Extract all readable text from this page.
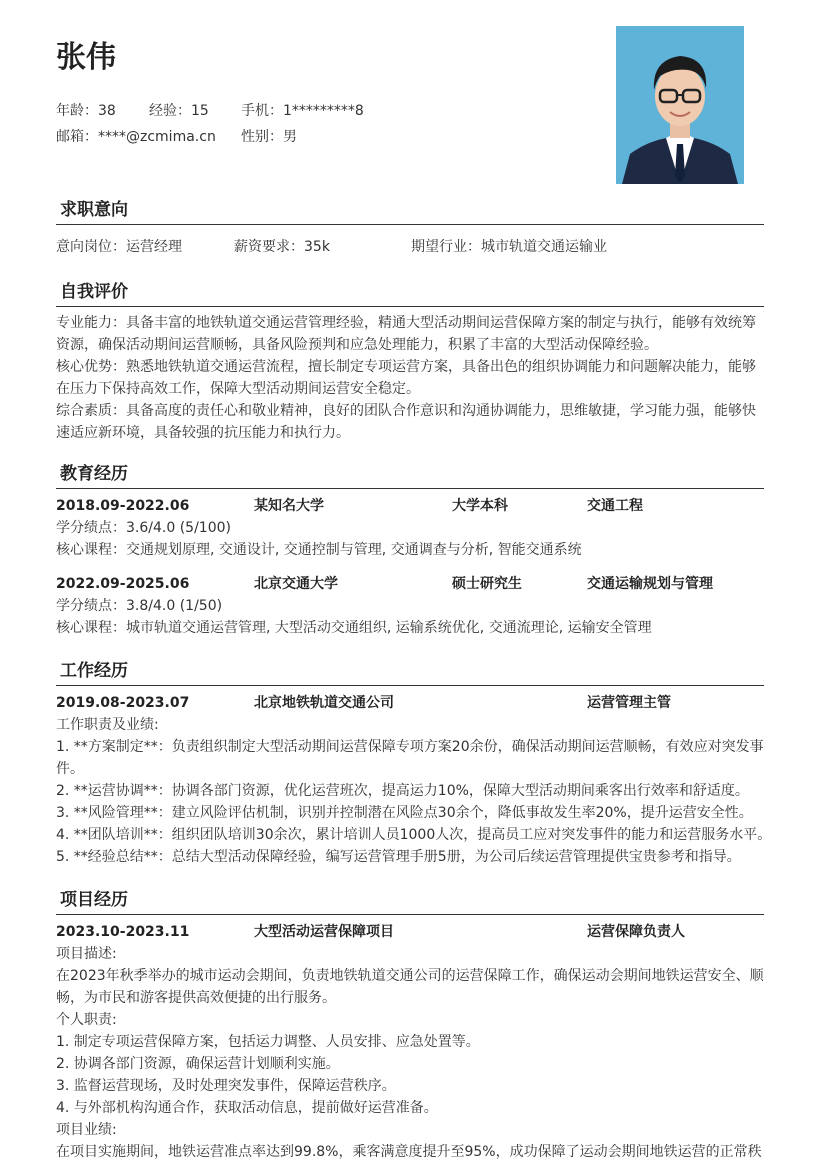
张伟
年龄：38 经验：15 手机：1*********8
邮箱：****@zcmima.cn 性别：男
求职意向
意向岗位：运营经理	薪资要求：35k	期望行业：城市轨道交通运输业
自我评价

专业能力：具备丰富的地铁轨道交通运营管理经验，精通大型活动期间运营保障方案的制定与执行，能够有效统筹资源，确保活动期间运营顺畅，具备风险预判和应急处理能力，积累了丰富的大型活动保障经验。

核心优势：熟悉地铁轨道交通运营流程，擅长制定专项运营方案，具备出色的组织协调能力和问题解决能力，能够在压力下保持高效工作，保障大型活动期间运营安全稳定。

综合素质：具备高度的责任心和敬业精神，良好的团队合作意识和沟通协调能力，思维敏捷，学习能力强，能够快速适应新环境，具备较强的抗压能力和执行力。

教育经历
2018.09-2022.06	某知名大学	大学本科	交通工程
学分绩点：3.6/4.0 (5/100)
核心课程：交通规划原理, 交通设计, 交通控制与管理, 交通调查与分析, 智能交通系统
2022.09-2025.06	北京交通大学	硕士研究生	交通运输规划与管理
学分绩点：3.8/4.0 (1/50)
核心课程：城市轨道交通运营管理, 大型活动交通组织, 运输系统优化, 交通流理论, 运输安全管理
工作经历
2019.08-2023.07	北京地铁轨道交通公司	运营管理主管
工作职责及业绩:

1. **方案制定**：负责组织制定大型活动期间运营保障专项方案20余份，确保活动期间运营顺畅，有效应对突发事件。

2. **运营协调**：协调各部门资源，优化运营班次，提高运力10%，保障大型活动期间乘客出行效率和舒适度。
3. **风险管理**：建立风险评估机制，识别并控制潜在风险点30余个，降低事故发生率20%，提升运营安全性。
4. **团队培训**：组织团队培训30余次，累计培训人员1000人次，提高员工应对突发事件的能力和运营服务水平。
5. **经验总结**：总结大型活动保障经验，编写运营管理手册5册，为公司后续运营管理提供宝贵参考和指导。
项目经历
2023.10-2023.11	大型活动运营保障项目	运营保障负责人
项目描述:

在2023年秋季举办的城市运动会期间，负责地铁轨道交通公司的运营保障工作，确保运动会期间地铁运营安全、顺畅，为市民和游客提供高效便捷的出行服务。

个人职责:
1. 制定专项运营保障方案，包括运力调整、人员安排、应急处置等。
2. 协调各部门资源，确保运营计划顺利实施。
3. 监督运营现场，及时处理突发事件，保障运营秩序。
4. 与外部机构沟通合作，获取活动信息，提前做好运营准备。
项目业绩:
在项目实施期间，地铁运营准点率达到99.8%，乘客满意度提升至95%，成功保障了运动会期间地铁运营的正常秩
